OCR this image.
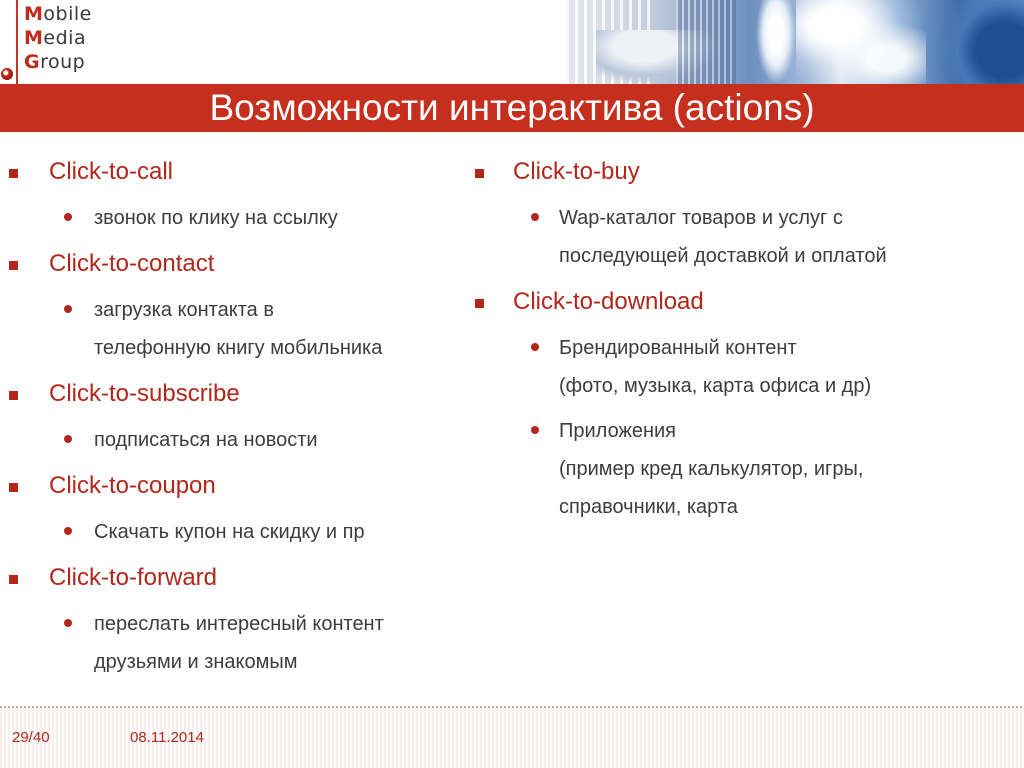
Mobile
Media
Group
Возможности интерактива (actions)
Click-to-call
звонок по клику на ссылку
Click-to-contact
загрузка контакта в
телефонную книгу мобильника
Click-to-subscribe
подписаться на новости
Click-to-coupon
Скачать купон на скидку и пр
Click-to-forward
переслать интересный контент
друзьями и знакомым
Click-to-buy
Wap-каталог товаров и услуг с
последующей доставкой и оплатой
Click-to-download
Брендированный контент
(фото, музыка, карта офиса и др)
Приложения
(пример кред калькулятор, игры,
справочники, карта
29/40	08.11.2014
